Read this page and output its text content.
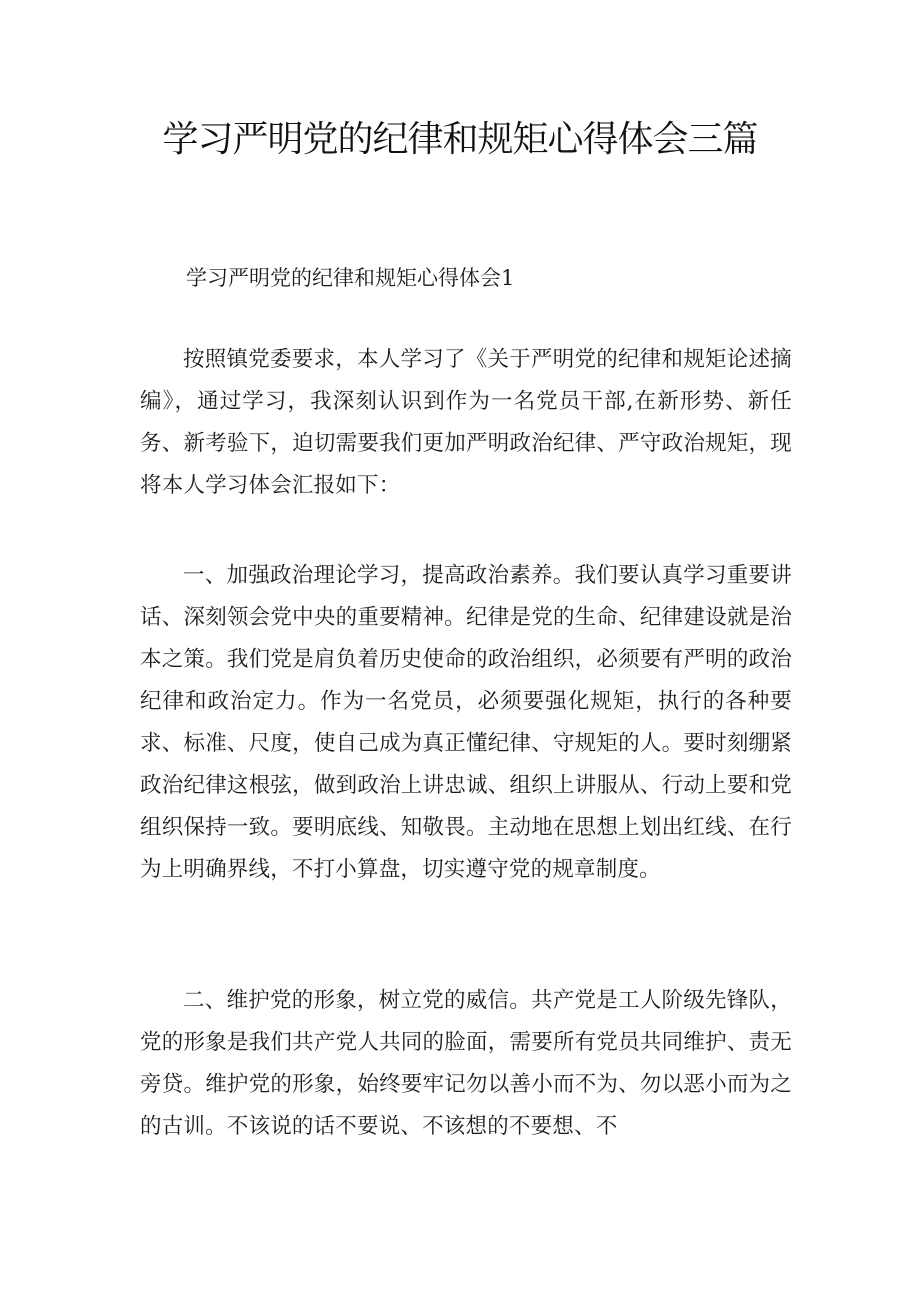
学习严明党的纪律和规矩心得体会三篇

学习严明党的纪律和规矩心得体会1

按照镇党委要求，本人学习了《关于严明党的纪律和规矩论述摘编》，通过学习，我深刻认识到作为一名党员干部,在新形势、新任务、新考验下，迫切需要我们更加严明政治纪律、严守政治规矩，现将本人学习体会汇报如下：

一、加强政治理论学习，提高政治素养。我们要认真学习重要讲话、深刻领会党中央的重要精神。纪律是党的生命、纪律建设就是治本之策。我们党是肩负着历史使命的政治组织，必须要有严明的政治纪律和政治定力。作为一名党员，必须要强化规矩，执行的各种要求、标准、尺度，使自己成为真正懂纪律、守规矩的人。要时刻绷紧政治纪律这根弦，做到政治上讲忠诚、组织上讲服从、行动上要和党组织保持一致。要明底线、知敬畏。主动地在思想上划出红线、在行为上明确界线，不打小算盘，切实遵守党的规章制度。

二、维护党的形象，树立党的威信。共产党是工人阶级先锋队，党的形象是我们共产党人共同的脸面，需要所有党员共同维护、责无旁贷。维护党的形象，始终要牢记勿以善小而不为、勿以恶小而为之的古训。不该说的话不要说、不该想的不要想、不
